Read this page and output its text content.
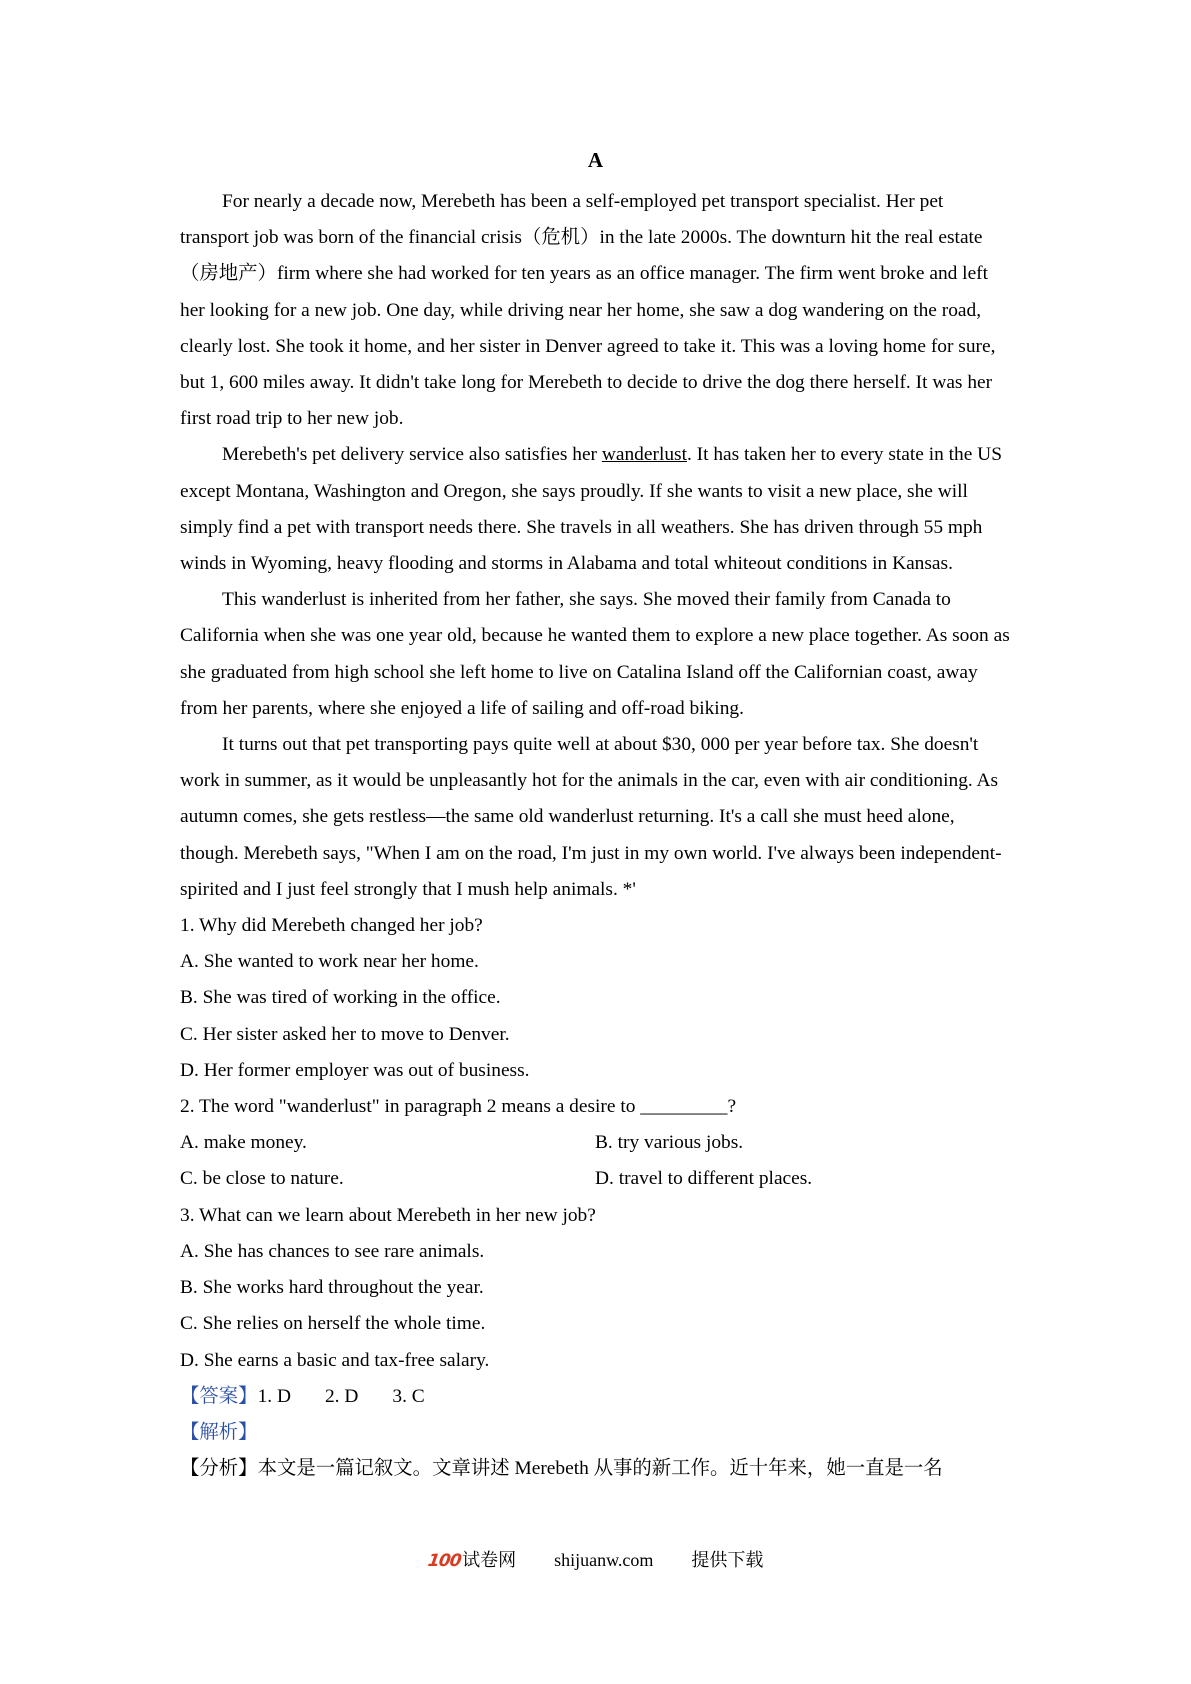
A

For nearly a decade now, Merebeth has been a self-employed pet transport specialist. Her pet transport job was born of the financial crisis（危机）in the late 2000s. The downturn hit the real estate （房地产）firm where she had worked for ten years as an office manager. The firm went broke and left her looking for a new job. One day, while driving near her home, she saw a dog wandering on the road, clearly lost. She took it home, and her sister in Denver agreed to take it. This was a loving home for sure, but 1, 600 miles away. It didn't take long for Merebeth to decide to drive the dog there herself. It was her first road trip to her new job.

Merebeth's pet delivery service also satisfies her wanderlust. It has taken her to every state in the US except Montana, Washington and Oregon, she says proudly. If she wants to visit a new place, she will simply find a pet with transport needs there. She travels in all weathers. She has driven through 55 mph winds in Wyoming, heavy flooding and storms in Alabama and total whiteout conditions in Kansas.

This wanderlust is inherited from her father, she says. She moved their family from Canada to California when she was one year old, because he wanted them to explore a new place together. As soon as she graduated from high school she left home to live on Catalina Island off the Californian coast, away from her parents, where she enjoyed a life of sailing and off-road biking.

It turns out that pet transporting pays quite well at about $30, 000 per year before tax. She doesn't work in summer, as it would be unpleasantly hot for the animals in the car, even with air conditioning. As autumn comes, she gets restless—the same old wanderlust returning. It's a call she must heed alone, though. Merebeth says, "When I am on the road, I'm just in my own world. I've always been independent-spirited and I just feel strongly that I mush help animals. *'

1. Why did Merebeth changed her job?

A. She wanted to work near her home.

B. She was tired of working in the office.

C. Her sister asked her to move to Denver.

D. Her former employer was out of business.

2. The word "wanderlust" in paragraph 2 means a desire to _________?

A. make money.	B. try various jobs.
C. be close to nature.	D. travel to different places.

3. What can we learn about Merebeth in her new job?

A. She has chances to see rare animals.

B. She works hard throughout the year.

C. She relies on herself the whole time.

D. She earns a basic and tax-free salary.

【答案】1. D 2. D 3. C

【解析】

【分析】本文是一篇记叙文。文章讲述 Merebeth 从事的新工作。近十年来，她一直是一名

100试卷网 shijuanw.com 提供下载
